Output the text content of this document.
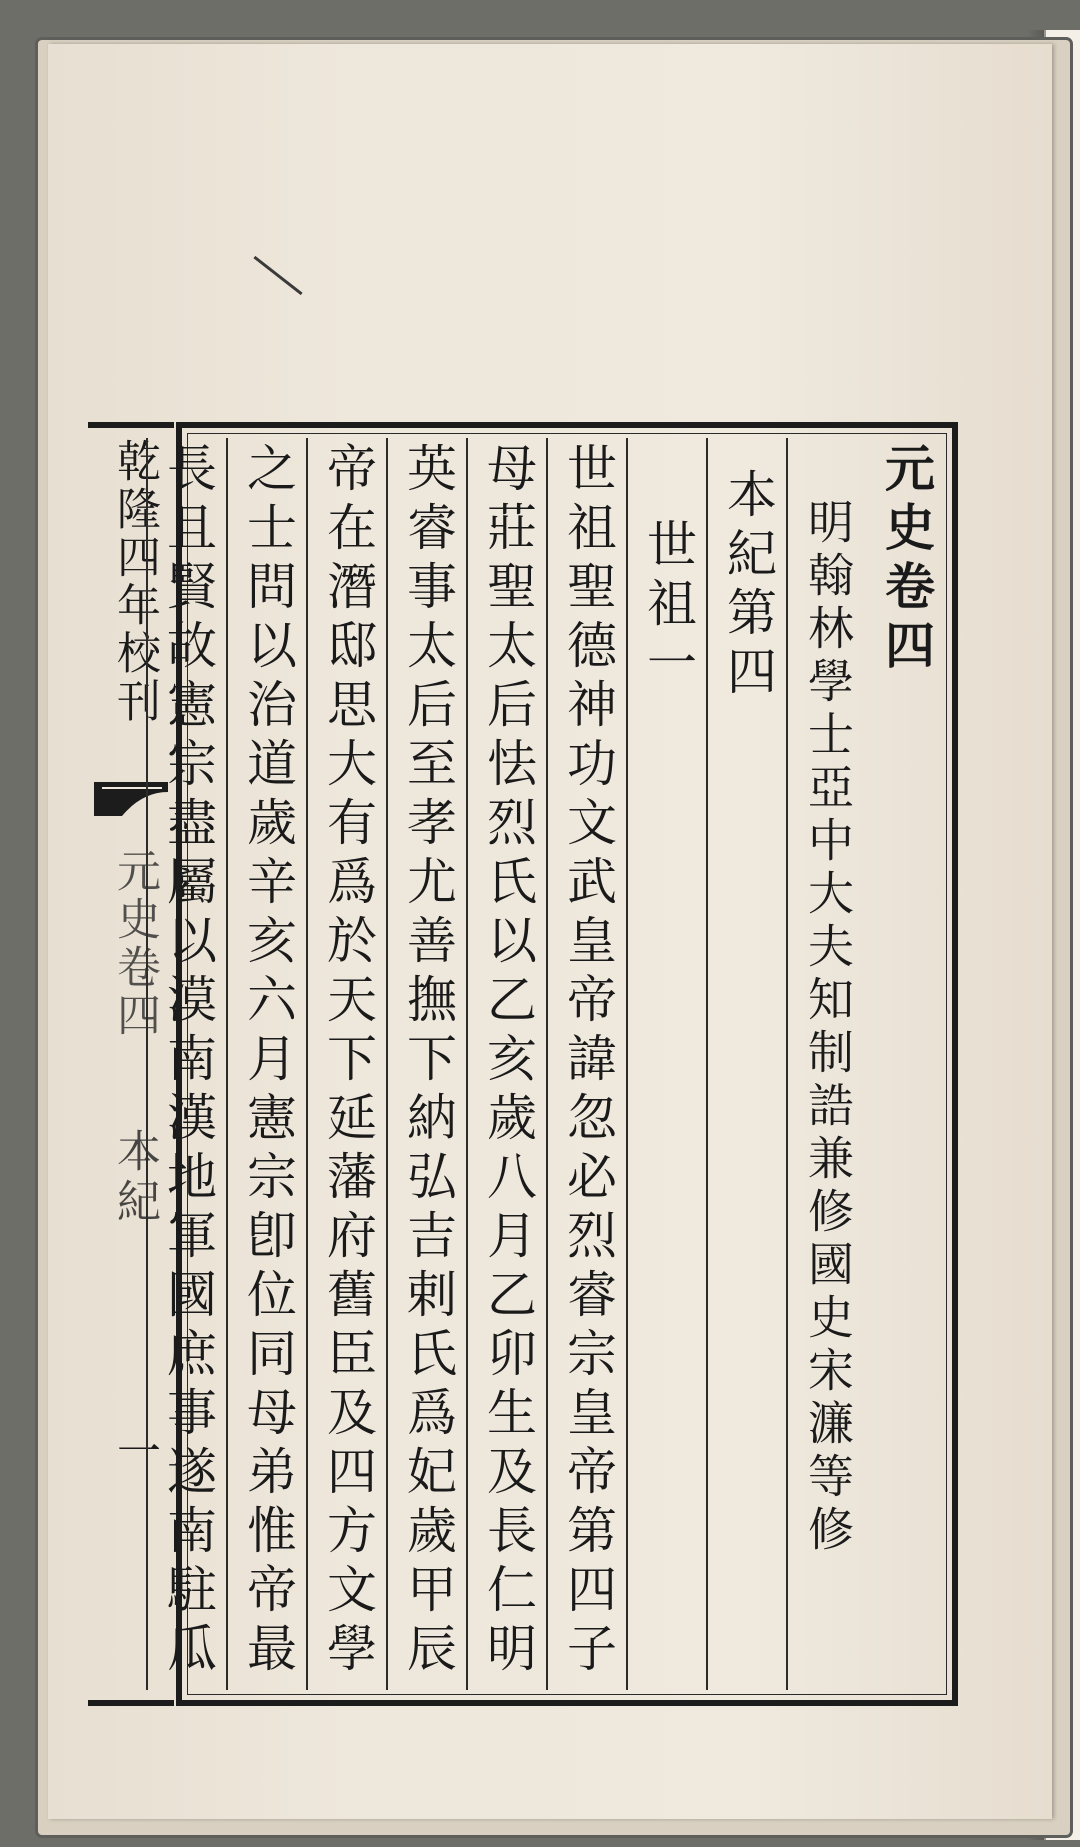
乾隆四年校刊
元史卷四
本紀
一
元史卷四
明翰林學士亞中大夫知制誥兼修國史宋濂等修
本紀第四
世祖一
世祖聖德神功文武皇帝諱忽必烈睿宗皇帝第四子
母莊聖太后怯烈氏以乙亥歲八月乙卯生及長仁明
英睿事太后至孝尤善撫下納弘吉剌氏爲妃歲甲辰
帝在潛邸思大有爲於天下延藩府舊臣及四方文學
之士問以治道歲辛亥六月憲宗卽位同母弟惟帝最
長且賢故憲宗盡屬以漠南漢地軍國庶事遂南駐瓜
